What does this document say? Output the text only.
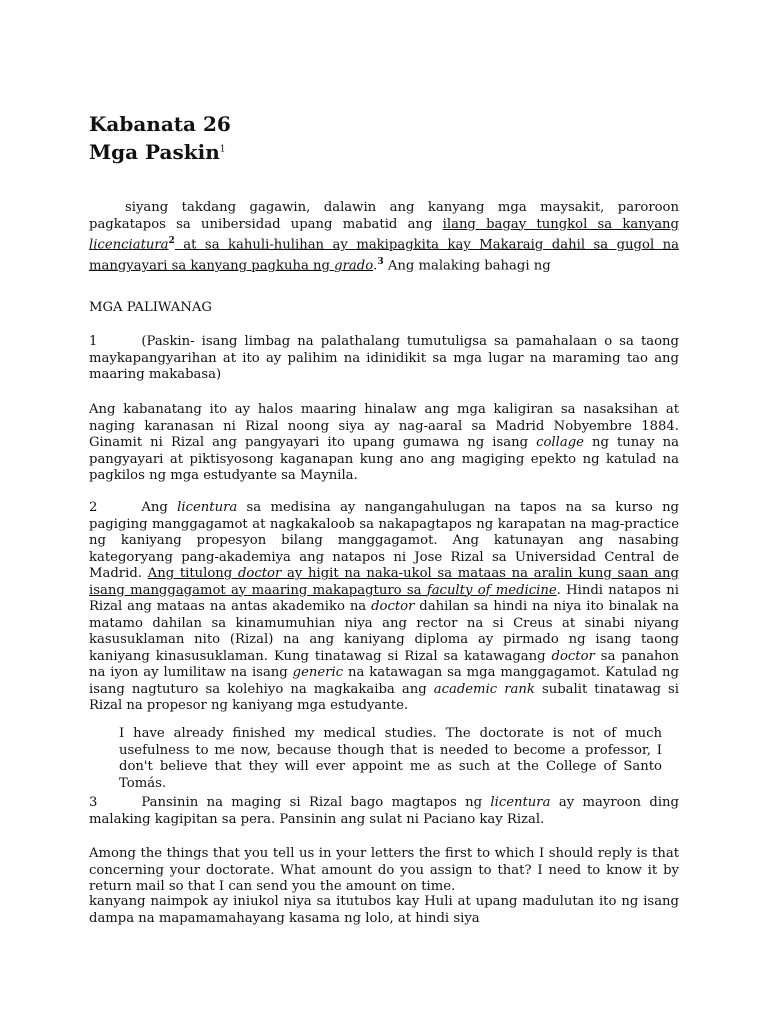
Kabanata 26
Mga Paskin$^1$

siyang takdang gagawin, dalawin ang kanyang mga maysakit, paroroon pagkatapos sa unibersidad upang mabatid ang ilang bagay tungkol sa kanyang licenciatura$^2$ at sa kahuli-hulihan ay makipagkita kay Makaraig dahil sa gugol na mangyayari sa kanyang pagkuha ng grado.$^3$ Ang malaking bahagi ng

MGA PALIWANAG

1	(Paskin- isang limbag na palathalang tumutuligsa sa pamahalaan o sa taong maykapangyarihan at ito ay palihim na idinidikit sa mga lugar na maraming tao ang maaring makabasa)

Ang kabanatang ito ay halos maaring hinalaw ang mga kaligiran sa nasaksihan at naging karanasan ni Rizal noong siya ay nag-aaral sa Madrid Nobyembre 1884. Ginamit ni Rizal ang pangyayari ito upang gumawa ng isang collage ng tunay na pangyayari at piktisyosong kaganapan kung ano ang magiging epekto ng katulad na pagkilos ng mga estudyante sa Maynila.

2	Ang licentura sa medisina ay nangangahulugan na tapos na sa kurso ng pagiging manggagamot at nagkakaloob sa nakapagtapos ng karapatan na mag-practice ng kaniyang propesyon bilang manggagamot. Ang katunayan ang nasabing kategoryang pang-akademiya ang natapos ni Jose Rizal sa Universidad Central de Madrid. Ang titulong doctor ay higit na naka-ukol sa mataas na aralin kung saan ang isang manggagamot ay maaring makapagturo sa faculty of medicine. Hindi natapos ni Rizal ang mataas na antas akademiko na doctor dahilan sa hindi na niya ito binalak na matamo dahilan sa kinamumuhian niya ang rector na si Creus at sinabi niyang kasusuklaman nito (Rizal) na ang kaniyang diploma ay pirmado ng isang taong kaniyang kinasusuklaman. Kung tinatawag si Rizal sa katawagang doctor sa panahon na iyon ay lumilitaw na isang generic na katawagan sa mga manggagamot. Katulad ng isang nagtuturo sa kolehiyo na magkakaiba ang academic rank subalit tinatawag si Rizal na propesor ng kaniyang mga estudyante.

I have already finished my medical studies. The doctorate is not of much usefulness to me now, because though that is needed to become a professor, I don't believe that they will ever appoint me as such at the College of Santo Tomás.

3	Pansinin na maging si Rizal bago magtapos ng licentura ay mayroon ding malaking kagipitan sa pera. Pansinin ang sulat ni Paciano kay Rizal.

Among the things that you tell us in your letters the first to which I should reply is that concerning your doctorate. What amount do you assign to that? I need to know it by return mail so that I can send you the amount on time.

kanyang naimpok ay iniukol niya sa itutubos kay Huli at upang madulutan ito ng isang dampa na mapamamahayang kasama ng lolo, at hindi siya
